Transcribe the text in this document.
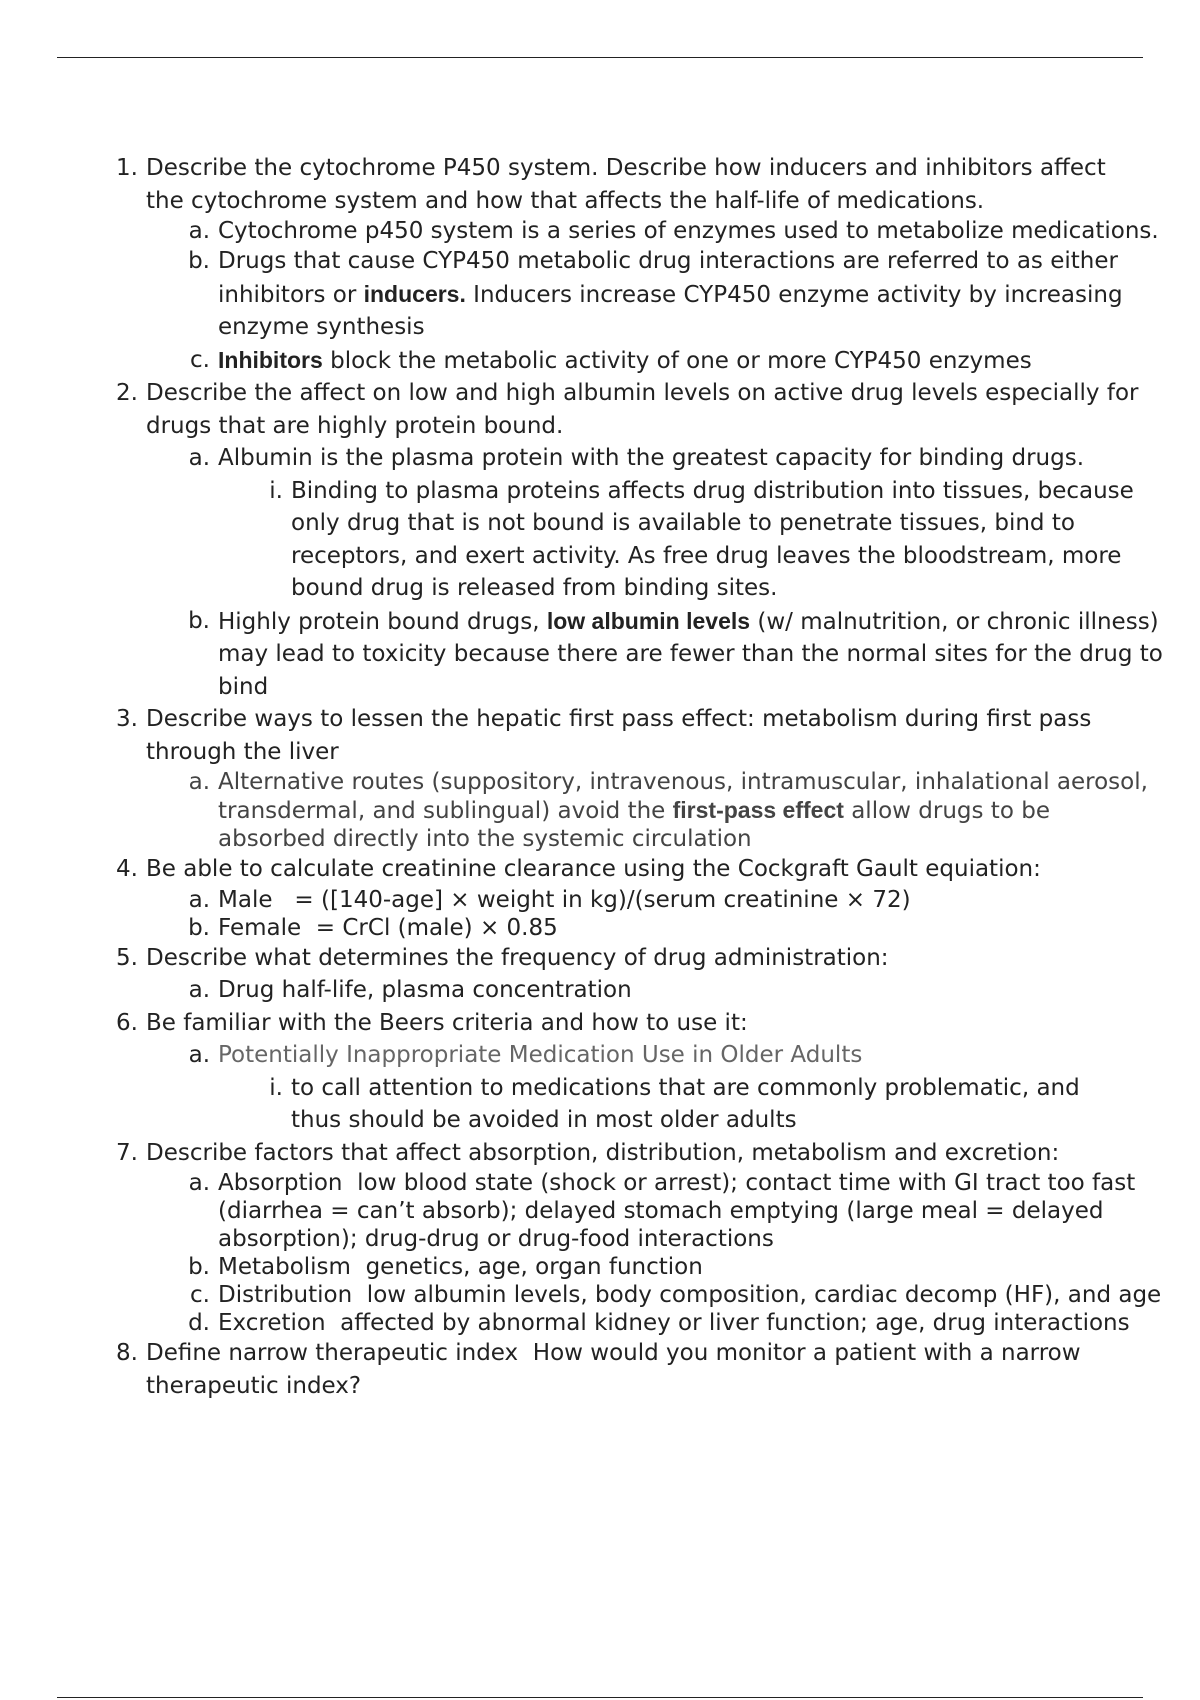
1. Describe the cytochrome P450 system. Describe how inducers and inhibitors affect the cytochrome system and how that affects the half-life of medications.
a. Cytochrome p450 system is a series of enzymes used to metabolize medications.
b. Drugs that cause CYP450 metabolic drug interactions are referred to as either inhibitors or inducers. Inducers increase CYP450 enzyme activity by increasing enzyme synthesis
c. Inhibitors block the metabolic activity of one or more CYP450 enzymes
2. Describe the affect on low and high albumin levels on active drug levels especially for drugs that are highly protein bound.
a. Albumin is the plasma protein with the greatest capacity for binding drugs.
i. Binding to plasma proteins affects drug distribution into tissues, because only drug that is not bound is available to penetrate tissues, bind to receptors, and exert activity. As free drug leaves the bloodstream, more bound drug is released from binding sites.
b. Highly protein bound drugs, low albumin levels (w/ malnutrition, or chronic illness) may lead to toxicity because there are fewer than the normal sites for the drug to bind
3. Describe ways to lessen the hepatic first pass effect: metabolism during first pass through the liver
a. Alternative routes (suppository, intravenous, intramuscular, inhalational aerosol, transdermal, and sublingual) avoid the first-pass effect allow drugs to be absorbed directly into the systemic circulation
4. Be able to calculate creatinine clearance using the Cockgraft Gault equiation:
a. Male   = ([140-age] × weight in kg)/(serum creatinine × 72)
b. Female  = CrCl (male) × 0.85
5. Describe what determines the frequency of drug administration:
a. Drug half-life, plasma concentration
6. Be familiar with the Beers criteria and how to use it:
a. Potentially Inappropriate Medication Use in Older Adults
i. to call attention to medications that are commonly problematic, and thus should be avoided in most older adults
7. Describe factors that affect absorption, distribution, metabolism and excretion:
a. Absorption  low blood state (shock or arrest); contact time with GI tract too fast (diarrhea = can’t absorb); delayed stomach emptying (large meal = delayed absorption); drug-drug or drug-food interactions
b. Metabolism  genetics, age, organ function
c. Distribution  low albumin levels, body composition, cardiac decomp (HF), and age
d. Excretion  affected by abnormal kidney or liver function; age, drug interactions
8. Define narrow therapeutic index  How would you monitor a patient with a narrow therapeutic index?
